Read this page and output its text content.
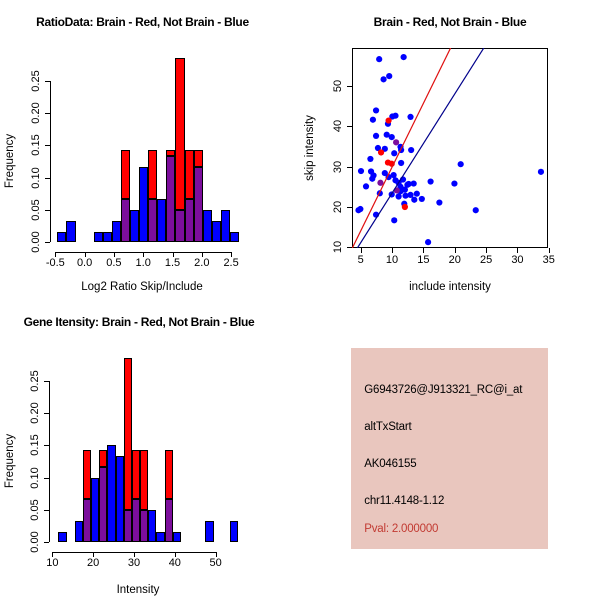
RatioData: Brain - Red, Not Brain - Blue
Frequency
Log2 Ratio Skip/Include
0.00
0.05
0.10
0.15
0.20
0.25
-0.5	0.0	0.5	1.0	1.5	2.0	2.5
Brain - Red, Not Brain - Blue
skip intensity
include intensity
5	10	15	20	25	30	35
10
20
30
40
50
Gene Itensity: Brain - Red, Not Brain - Blue
Frequency
Intensity
0.00
0.05
0.10
0.15
0.20
0.25
10	20	30	40	50
G6943726@J913321_RC@i_at
altTxStart
AK046155
chr11.4148-1.12
Pval: 2.000000
